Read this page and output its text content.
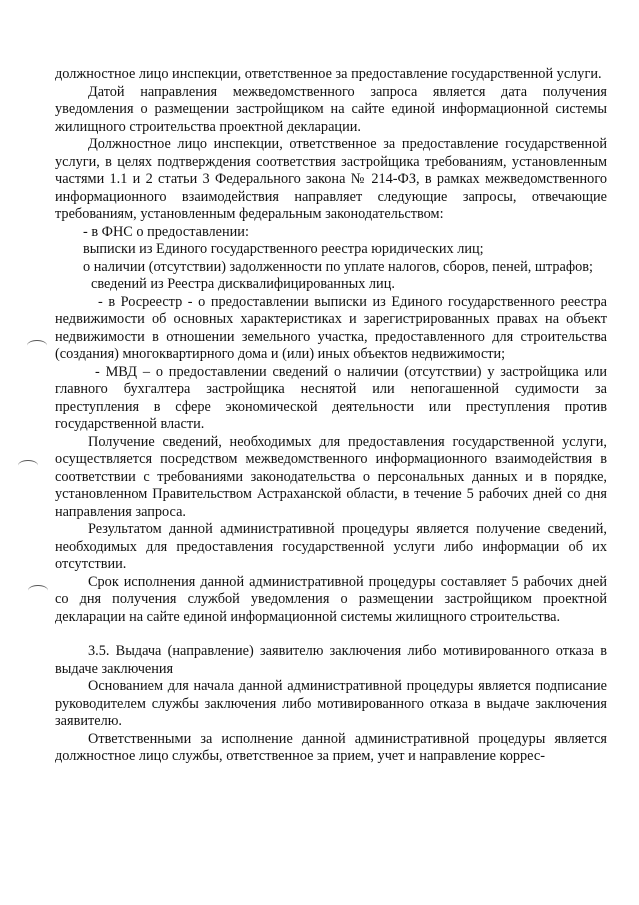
должностное лицо инспекции, ответственное за предоставление государственной услуги.

Датой направления межведомственного запроса является дата получения уведомления о размещении застройщиком на сайте единой информационной системы жилищного строительства проектной декларации.

Должностное лицо инспекции, ответственное за предоставление государственной услуги, в целях подтверждения соответствия застройщика требованиям, установленным частями 1.1 и 2 статьи 3 Федерального закона № 214-ФЗ, в рамках межведомственного информационного взаимодействия направляет следующие запросы, отвечающие требованиям, установленным федеральным законодательством:

- в ФНС о предоставлении:

выписки из Единого государственного реестра юридических лиц;

о наличии (отсутствии) задолженности по уплате налогов, сборов, пеней, штрафов;

сведений из Реестра дисквалифицированных лиц.

- в Росреестр - о предоставлении выписки из Единого государственного реестра недвижимости об основных характеристиках и зарегистрированных правах на объект недвижимости в отношении земельного участка, предоставленного для строительства (создания) многоквартирного дома и (или) иных объектов недвижимости;

- МВД – о предоставлении сведений о наличии (отсутствии) у застройщика или главного бухгалтера застройщика неснятой или непогашенной судимости за преступления в сфере экономической деятельности или преступления против государственной власти.

Получение сведений, необходимых для предоставления государственной услуги, осуществляется посредством межведомственного информационного взаимодействия в соответствии с требованиями законодательства о персональных данных и в порядке, установленном Правительством Астраханской области, в течение 5 рабочих дней со дня направления запроса.

Результатом данной административной процедуры является получение сведений, необходимых для предоставления государственной услуги либо информации об их отсутствии.

Срок исполнения данной административной процедуры составляет 5 рабочих дней со дня получения службой уведомления о размещении застройщиком проектной декларации на сайте единой информационной системы жилищного строительства.

3.5. Выдача (направление) заявителю заключения либо мотивированного отказа в выдаче заключения

Основанием для начала данной административной процедуры является подписание руководителем службы заключения либо мотивированного отказа в выдаче заключения заявителю.

Ответственными за исполнение данной административной процедуры является должностное лицо службы, ответственное за прием, учет и направление коррес-
